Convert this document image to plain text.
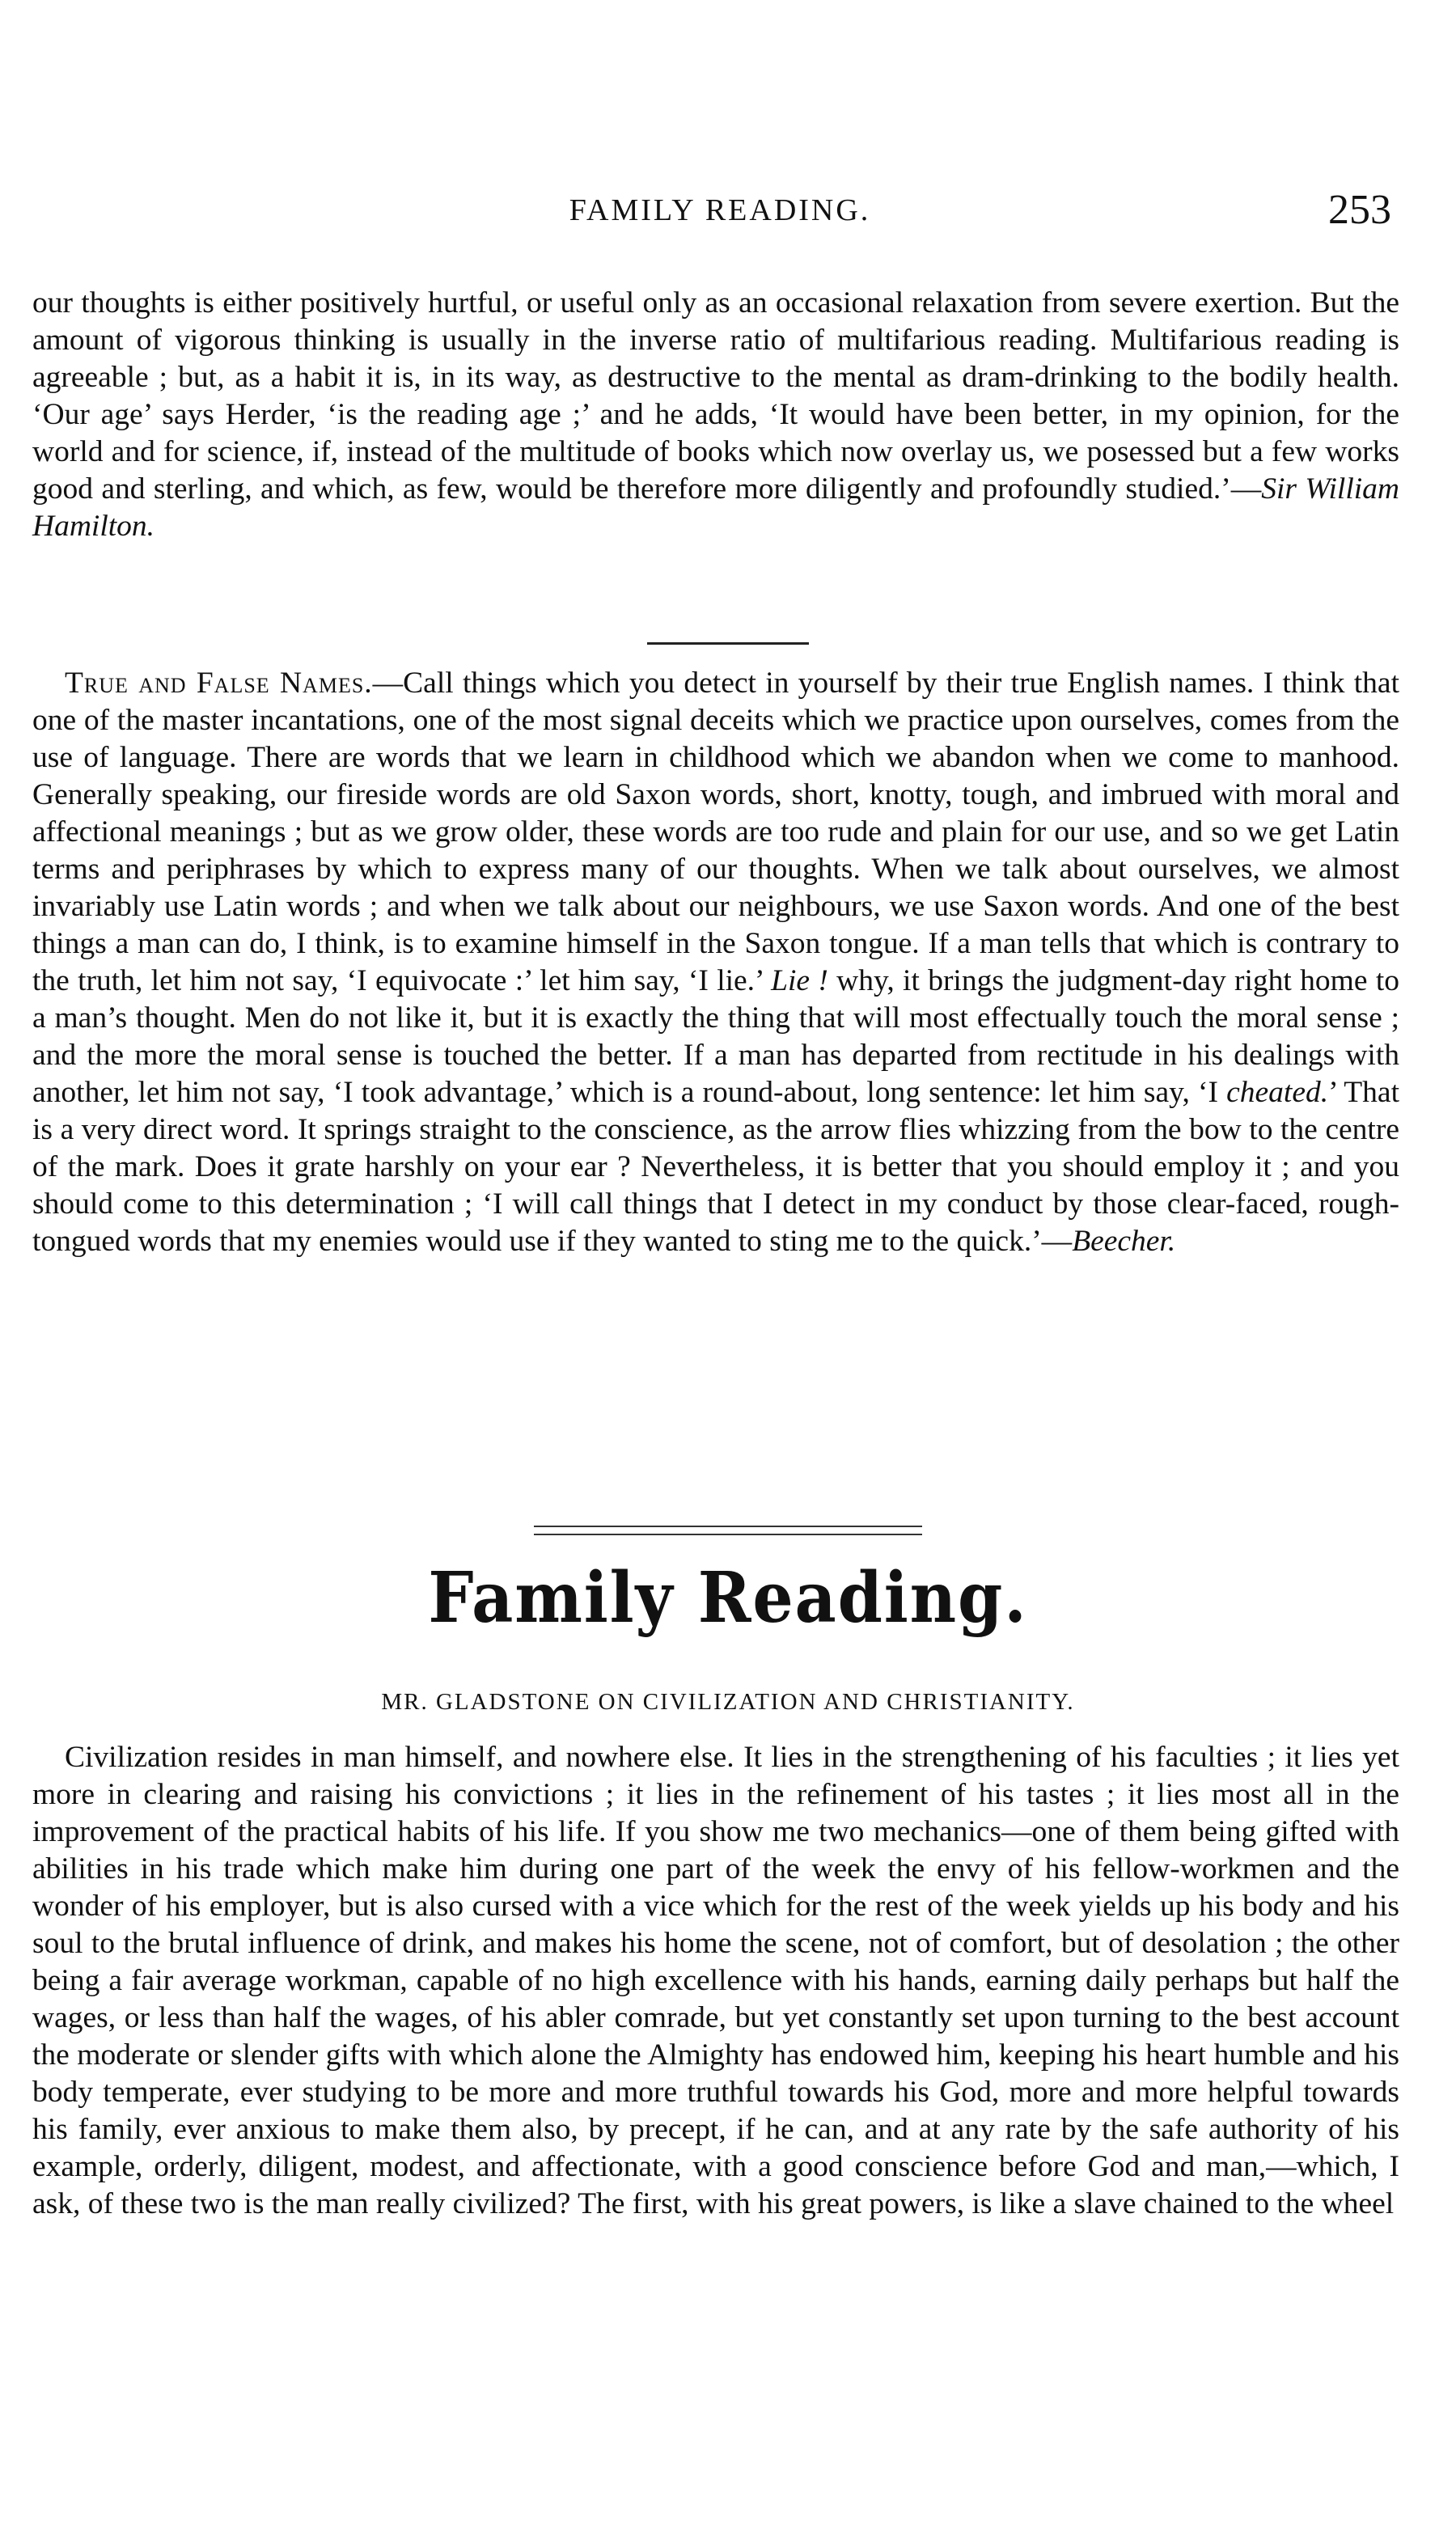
FAMILY READING.	253

our thoughts is either positively hurtful, or useful only as an occasional relaxation from severe exertion. But the amount of vigorous thinking is usually in the inverse ratio of multifarious reading. Multifarious reading is agreeable ; but, as a habit it is, in its way, as destructive to the mental as dram-drinking to the bodily health. ‘Our age’ says Herder, ‘is the reading age ;’ and he adds, ‘It would have been better, in my opinion, for the world and for science, if, instead of the multitude of books which now overlay us, we posessed but a few works good and sterling, and which, as few, would be therefore more diligently and profoundly studied.’—Sir William Hamilton.

True and False Names.—Call things which you detect in yourself by their true English names. I think that one of the master incantations, one of the most signal deceits which we practice upon ourselves, comes from the use of language. There are words that we learn in childhood which we abandon when we come to manhood. Generally speaking, our fireside words are old Saxon words, short, knotty, tough, and imbrued with moral and affectional meanings ; but as we grow older, these words are too rude and plain for our use, and so we get Latin terms and periphrases by which to express many of our thoughts. When we talk about ourselves, we almost invariably use Latin words ; and when we talk about our neighbours, we use Saxon words. And one of the best things a man can do, I think, is to examine himself in the Saxon tongue. If a man tells that which is contrary to the truth, let him not say, ‘I equivocate :’ let him say, ‘I lie.’ Lie ! why, it brings the judgment-day right home to a man’s thought. Men do not like it, but it is exactly the thing that will most effectually touch the moral sense ; and the more the moral sense is touched the better. If a man has departed from rectitude in his dealings with another, let him not say, ‘I took advantage,’ which is a round-about, long sentence: let him say, ‘I cheated.’ That is a very direct word. It springs straight to the conscience, as the arrow flies whizzing from the bow to the centre of the mark. Does it grate harshly on your ear ? Nevertheless, it is better that you should employ it ; and you should come to this determination ; ‘I will call things that I detect in my conduct by those clear-faced, rough-tongued words that my enemies would use if they wanted to sting me to the quick.’—Beecher.

Family Reading.
MR. GLADSTONE ON CIVILIZATION AND CHRISTIANITY.

Civilization resides in man himself, and nowhere else. It lies in the strengthening of his faculties ; it lies yet more in clearing and raising his convictions ; it lies in the refinement of his tastes ; it lies most all in the improvement of the practical habits of his life. If you show me two mechanics—one of them being gifted with abilities in his trade which make him during one part of the week the envy of his fellow-workmen and the wonder of his employer, but is also cursed with a vice which for the rest of the week yields up his body and his soul to the brutal influence of drink, and makes his home the scene, not of comfort, but of desolation ; the other being a fair average workman, capable of no high excellence with his hands, earning daily perhaps but half the wages, or less than half the wages, of his abler comrade, but yet constantly set upon turning to the best account the moderate or slender gifts with which alone the Almighty has endowed him, keeping his heart humble and his body temperate, ever studying to be more and more truthful towards his God, more and more helpful towards his family, ever anxious to make them also, by precept, if he can, and at any rate by the safe authority of his example, orderly, diligent, modest, and affectionate, with a good conscience before God and man,—which, I ask, of these two is the man really civilized? The first, with his great powers, is like a slave chained to the wheel
